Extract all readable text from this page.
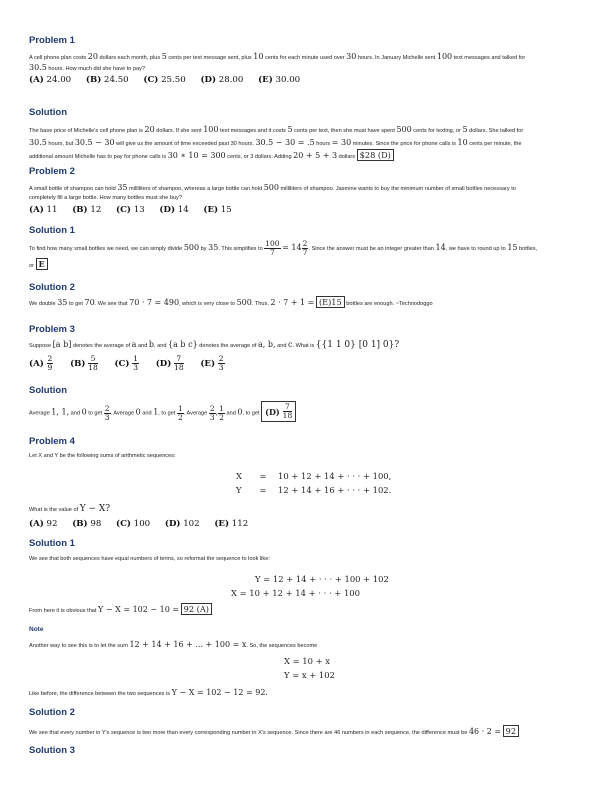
Problem 1
A cell phone plan costs 20 dollars each month, plus 5 cents per text message sent, plus 10 cents for each minute used over 30 hours. In January Michelle sent 100 text messages and talked for
30.5 hours. How much did she have to pay?
(A) 24.00 (B) 24.50 (C) 25.50 (D) 28.00 (E) 30.00
Solution
The base price of Michelle's cell phone plan is 20 dollars. If she sent 100 text messages and it costs 5 cents per text, then she must have spent 500 cents for texting, or 5 dollars. She talked for
30.5 hours, but 30.5 − 30 will give us the amount of time exceeded past 30 hours. 30.5 − 30 = .5 hours = 30 minutes. Since the price for phone calls is 10 cents per minute, the
additional amount Michelle has to pay for phone calls is 30 ∗ 10 = 300 cents, or 3 dollars. Adding 20 + 5 + 3 dollars $28 (D)
Problem 2
A small bottle of shampoo can hold 35 milliliters of shampoo, whereas a large bottle can hold 500 milliliters of shampoo. Jasmine wants to buy the minimum number of small bottles necessary to
completely fill a large bottle. How many bottles must she buy?
(A) 11 (B) 12 (C) 13 (D) 14 (E) 15
Solution 1
To find how many small bottles we need, we can simply divide 500 by 35. This simplifies to $\frac{100}{7} = 14 \frac{2}{7}$ . Since the answer must be an integer greater than 14, we have to round up to 15 bottles,
or E
Solution 2
We double 35 to get 70. We see that 70 · 7 = 490, which is very close to 500. Thus, 2 · 7 + 1 = (E)15 bottles are enough. ~Technodoggo
Problem 3
Suppose [a b] denotes the average of a and b, and {a b c} denotes the average of a, b, and c. What is {{1 1 0} [0 1] 0}?
$(A) \frac{2}{9} (B) \frac{5}{18} (C) \frac{1}{3} (D) \frac{7}{18} (E) \frac{2}{3}$
Solution
Average 1, 1, and 0 to get $\frac{2}{3}$ . Average 0 and 1, to get $\frac{1}{2}$ . Average $\frac{2}{3}$ , $\frac{1}{2}$ and 0, to get $(D) \frac{7}{18}$
Problem 4
Let X and Y be the following sums of arithmetic sequences:
X = 10 + 12 + 14 + · · · + 100,
Y = 12 + 14 + 16 + · · · + 102.
What is the value of Y − X?
(A) 92 (B) 98 (C) 100 (D) 102 (E) 112
Solution 1
We see that both sequences have equal numbers of terms, so reformat the sequence to look like:
Y = 12 + 14 + · · · + 100 + 102
X = 10 + 12 + 14 + · · · + 100
From here it is obvious that Y − X = 102 − 10 = 92 (A)
Note
Another way to see this is to let the sum 12 + 14 + 16 + ... + 100 = x. So, the sequences become
X = 10 + x
Y = x + 102
Like before, the difference between the two sequences is Y − X = 102 − 12 = 92.
Solution 2
We see that every number in Y's sequence is two more than every corresponding number in X's sequence. Since there are 46 numbers in each sequence, the difference must be 46 · 2 = 92
Solution 3
